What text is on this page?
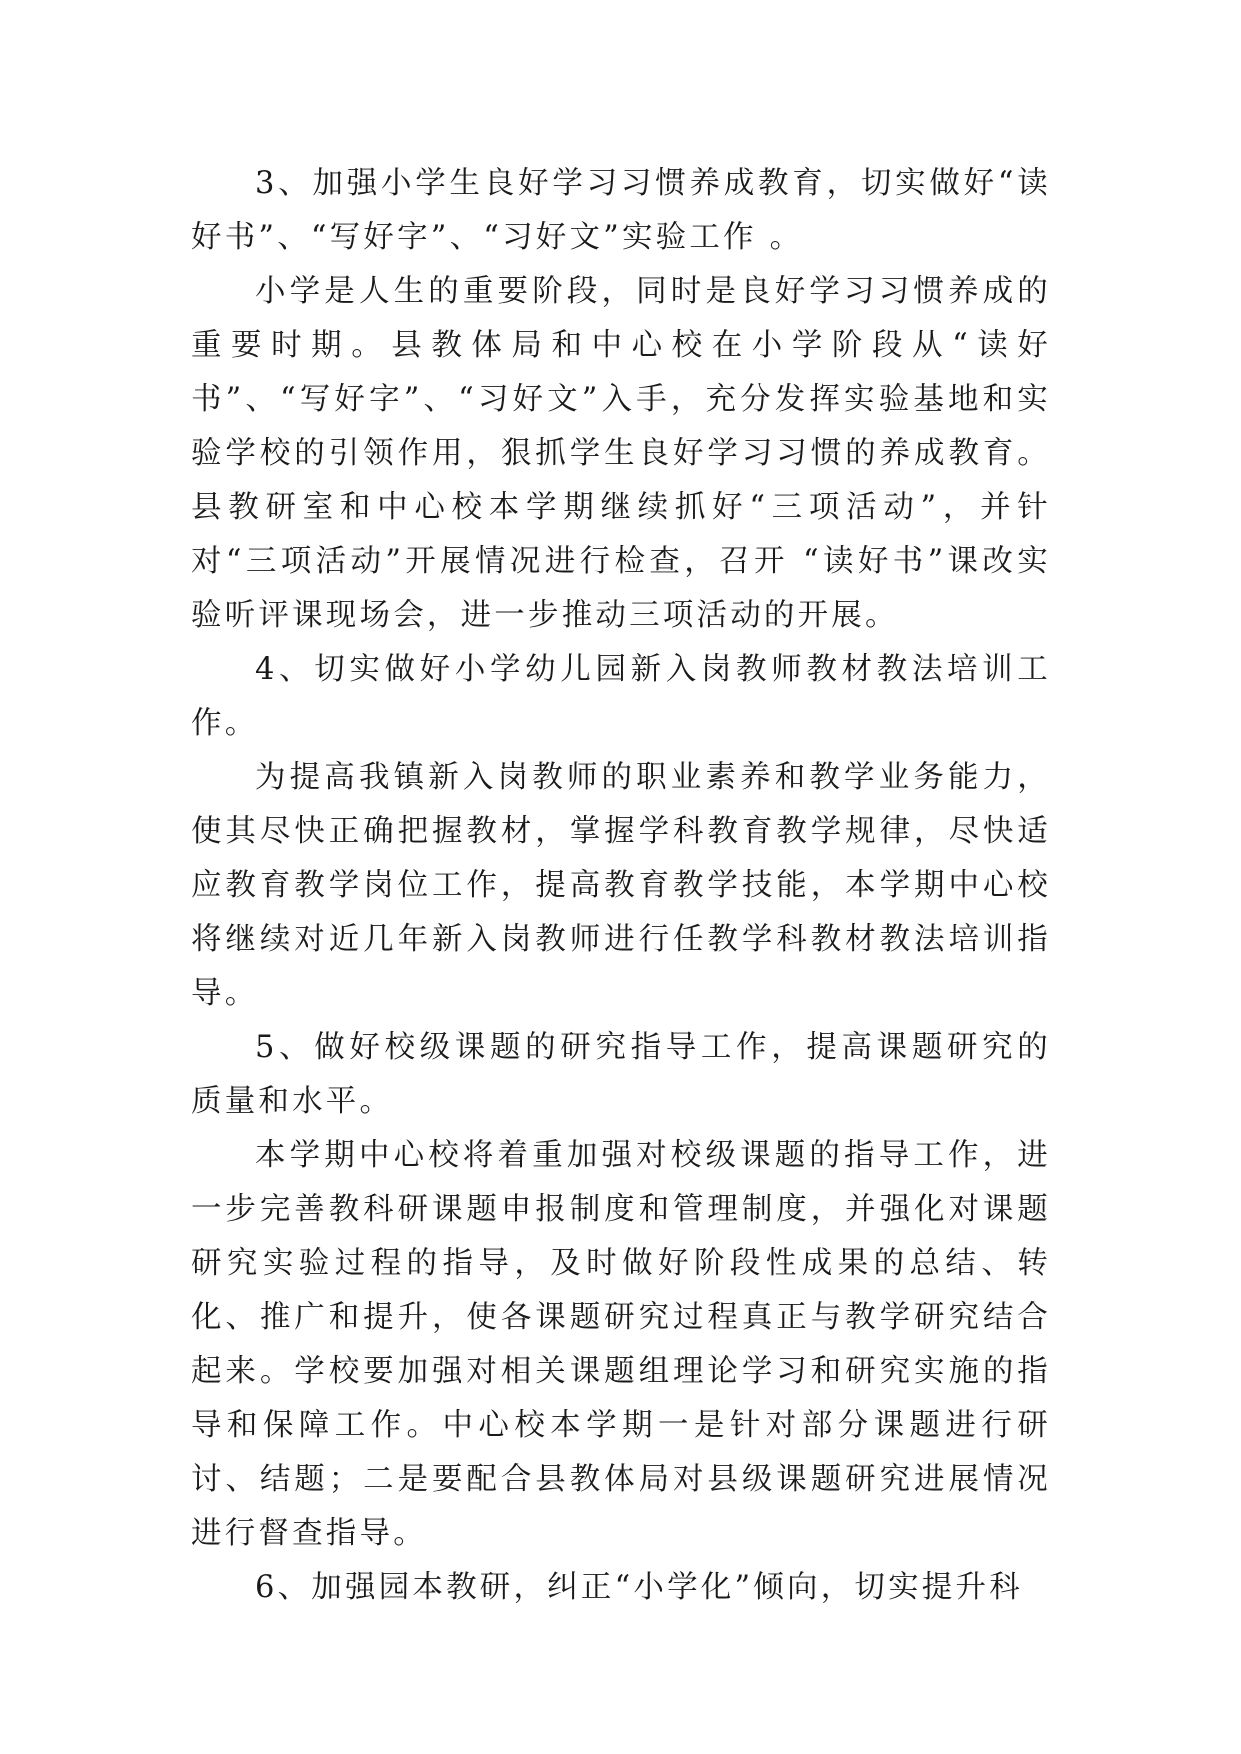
3、加强小学生良好学习习惯养成教育，切实做好“读好书”、“写好字”、“习好文”实验工作 。

小学是人生的重要阶段，同时是良好学习习惯养成的重要时期。县教体局和中心校在小学阶段从“读好书”、“写好字”、“习好文”入手，充分发挥实验基地和实验学校的引领作用，狠抓学生良好学习习惯的养成教育。县教研室和中心校本学期继续抓好“三项活动”，并针对“三项活动”开展情况进行检查，召开 “读好书”课改实验听评课现场会，进一步推动三项活动的开展。

4、切实做好小学幼儿园新入岗教师教材教法培训工作。

为提高我镇新入岗教师的职业素养和教学业务能力，使其尽快正确把握教材，掌握学科教育教学规律，尽快适应教育教学岗位工作，提高教育教学技能，本学期中心校将继续对近几年新入岗教师进行任教学科教材教法培训指导。

5、做好校级课题的研究指导工作，提高课题研究的质量和水平。

本学期中心校将着重加强对校级课题的指导工作，进一步完善教科研课题申报制度和管理制度，并强化对课题研究实验过程的指导，及时做好阶段性成果的总结、转化、推广和提升，使各课题研究过程真正与教学研究结合起来。学校要加强对相关课题组理论学习和研究实施的指导和保障工作。中心校本学期一是针对部分课题进行研讨、结题；二是要配合县教体局对县级课题研究进展情况进行督查指导。

6、加强园本教研，纠正“小学化”倾向，切实提升科
